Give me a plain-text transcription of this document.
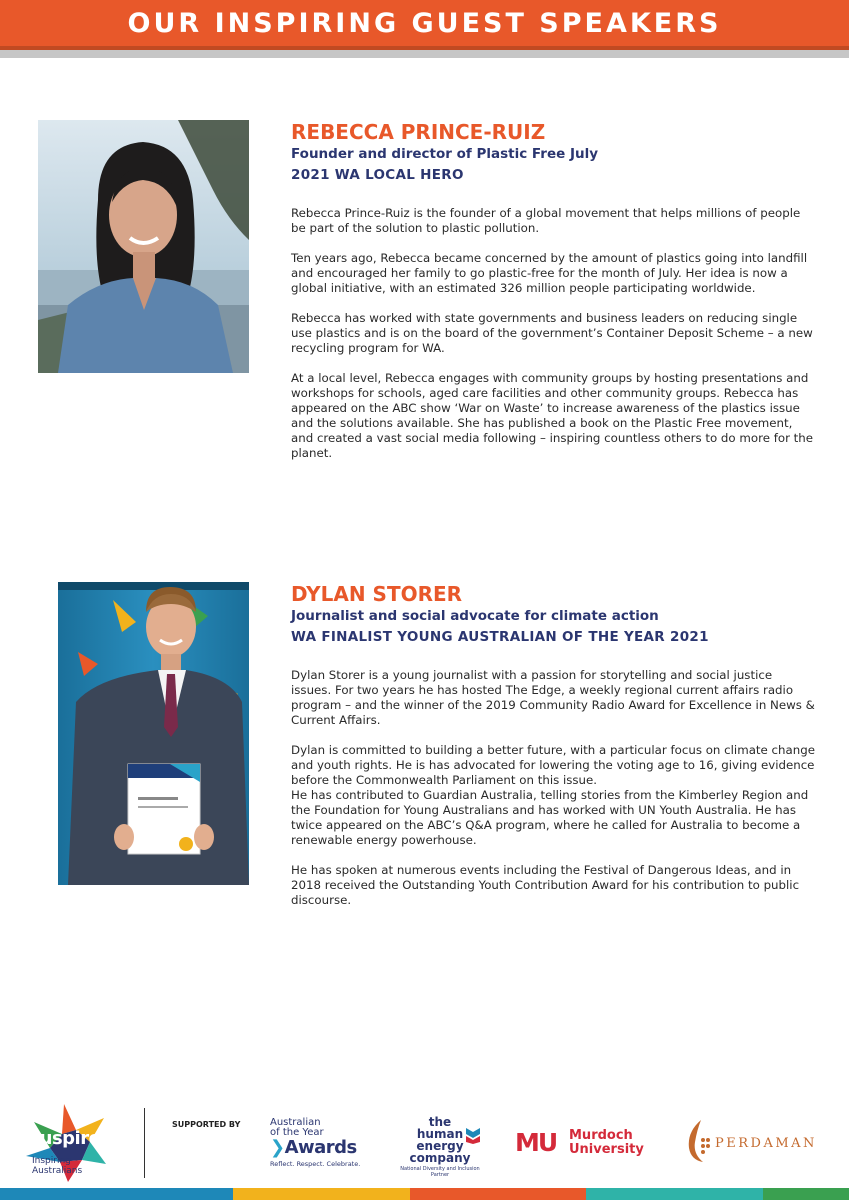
OUR INSPIRING GUEST SPEAKERS
REBECCA PRINCE-RUIZ
Founder and director of Plastic Free July
2021 WA LOCAL HERO

Rebecca Prince-Ruiz is the founder of a global movement that helps millions of people be part of the solution to plastic pollution.

Ten years ago, Rebecca became concerned by the amount of plastics going into landfill and encouraged her family to go plastic-free for the month of July. Her idea is now a global initiative, with an estimated 326 million people participating worldwide.

Rebecca has worked with state governments and business leaders on reducing single use plastics and is on the board of the government’s Container Deposit Scheme – a new recycling program for WA.

At a local level, Rebecca engages with community groups by hosting presentations and workshops for schools, aged care facilities and other community groups. Rebecca has appeared on the ABC show ‘War on Waste’ to increase awareness of the plastics issue and the solutions available. She has published a book on the Plastic Free movement, and created a vast social media following – inspiring countless others to do more for the planet.

DYLAN STORER
Journalist and social advocate for climate action
WA FINALIST YOUNG AUSTRALIAN OF THE YEAR 2021

Dylan Storer is a young journalist with a passion for storytelling and social justice issues. For two years he has hosted The Edge, a weekly regional current affairs radio program – and the winner of the 2019 Community Radio Award for Excellence in News & Current Affairs.

Dylan is committed to building a better future, with a particular focus on climate change and youth rights. He is has advocated for lowering the voting age to 16, giving evidence before the Commonwealth Parliament on this issue.

He has contributed to Guardian Australia, telling stories from the Kimberley Region and the Foundation for Young Australians and has worked with UN Youth Australia. He has twice appeared on the ABC’s Q&A program, where he called for Australia to become a renewable energy powerhouse.

He has spoken at numerous events including the Festival of Dangerous Ideas, and in 2018 received the Outstanding Youth Contribution Award for his contribution to public discourse.

auspire
Inspiring
Australians
SUPPORTED BY	Australian
of the Year
❯Awards
Reflect. Respect. Celebrate.
the
human
energy
company
National Diversity and Inclusion Partner
MU Murdoch
University	PERDAMAN
